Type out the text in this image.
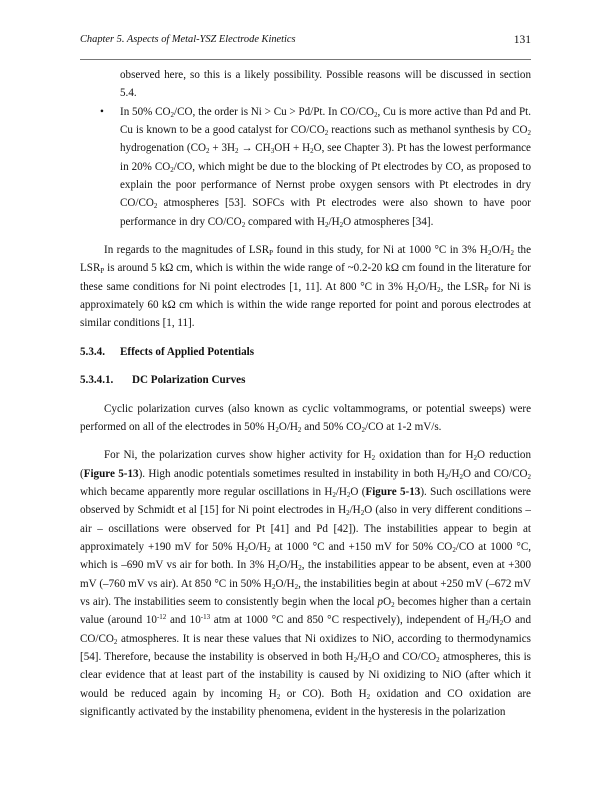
Chapter 5. Aspects of Metal-YSZ Electrode Kinetics	131

observed here, so this is a likely possibility. Possible reasons will be discussed in section 5.4.

• In 50% $CO_2/CO$, the order is Ni > Cu > Pd/Pt. In $CO/CO_2$, Cu is more active than Pd and Pt. Cu is known to be a good catalyst for $CO/CO_2$ reactions such as methanol synthesis by $CO_2$ hydrogenation ($CO_2 + 3H_2 \to CH_3OH + H_2O$, see Chapter 3). Pt has the lowest performance in 20% $CO_2/CO$, which might be due to the blocking of Pt electrodes by CO, as proposed to explain the poor performance of Nernst probe oxygen sensors with Pt electrodes in dry $CO/CO_2$ atmospheres [53]. SOFCs with Pt electrodes were also shown to have poor performance in dry $CO/CO_2$ compared with $H_2/H_2O$ atmospheres [34].

In regards to the magnitudes of $LSR_P$ found in this study, for Ni at 1000 °C in 3% $H_2O/H_2$ the $LSR_P$ is around 5 kΩ cm, which is within the wide range of ~0.2-20 kΩ cm found in the literature for these same conditions for Ni point electrodes [1, 11]. At 800 °C in 3% $H_2O/H_2$, the $LSR_P$ for Ni is approximately 60 kΩ cm which is within the wide range reported for point and porous electrodes at similar conditions [1, 11].

5.3.4. Effects of Applied Potentials

5.3.4.1. DC Polarization Curves

Cyclic polarization curves (also known as cyclic voltammograms, or potential sweeps) were performed on all of the electrodes in 50% $H_2O/H_2$ and 50% $CO_2/CO$ at 1-2 mV/s.

For Ni, the polarization curves show higher activity for $H_2$ oxidation than for $H_2O$ reduction (Figure 5-13). High anodic potentials sometimes resulted in instability in both $H_2/H_2O$ and $CO/CO_2$ which became apparently more regular oscillations in $H_2/H_2O$ (Figure 5-13). Such oscillations were observed by Schmidt et al [15] for Ni point electrodes in $H_2/H_2O$ (also in very different conditions – air – oscillations were observed for Pt [41] and Pd [42]). The instabilities appear to begin at approximately +190 mV for 50% $H_2O/H_2$ at 1000 °C and +150 mV for 50% $CO_2/CO$ at 1000 °C, which is –690 mV vs air for both. In 3% $H_2O/H_2$, the instabilities appear to be absent, even at +300 mV (–760 mV vs air). At 850 °C in 50% $H_2O/H_2$, the instabilities begin at about +250 mV (–672 mV vs air). The instabilities seem to consistently begin when the local $pO_2$ becomes higher than a certain value (around $10^{-12}$ and $10^{-13}$ atm at 1000 °C and 850 °C respectively), independent of $H_2/H_2O$ and $CO/CO_2$ atmospheres. It is near these values that Ni oxidizes to NiO, according to thermodynamics [54]. Therefore, because the instability is observed in both $H_2/H_2O$ and $CO/CO_2$ atmospheres, this is clear evidence that at least part of the instability is caused by Ni oxidizing to NiO (after which it would be reduced again by incoming $H_2$ or CO). Both $H_2$ oxidation and CO oxidation are significantly activated by the instability phenomena, evident in the hysteresis in the polarization
